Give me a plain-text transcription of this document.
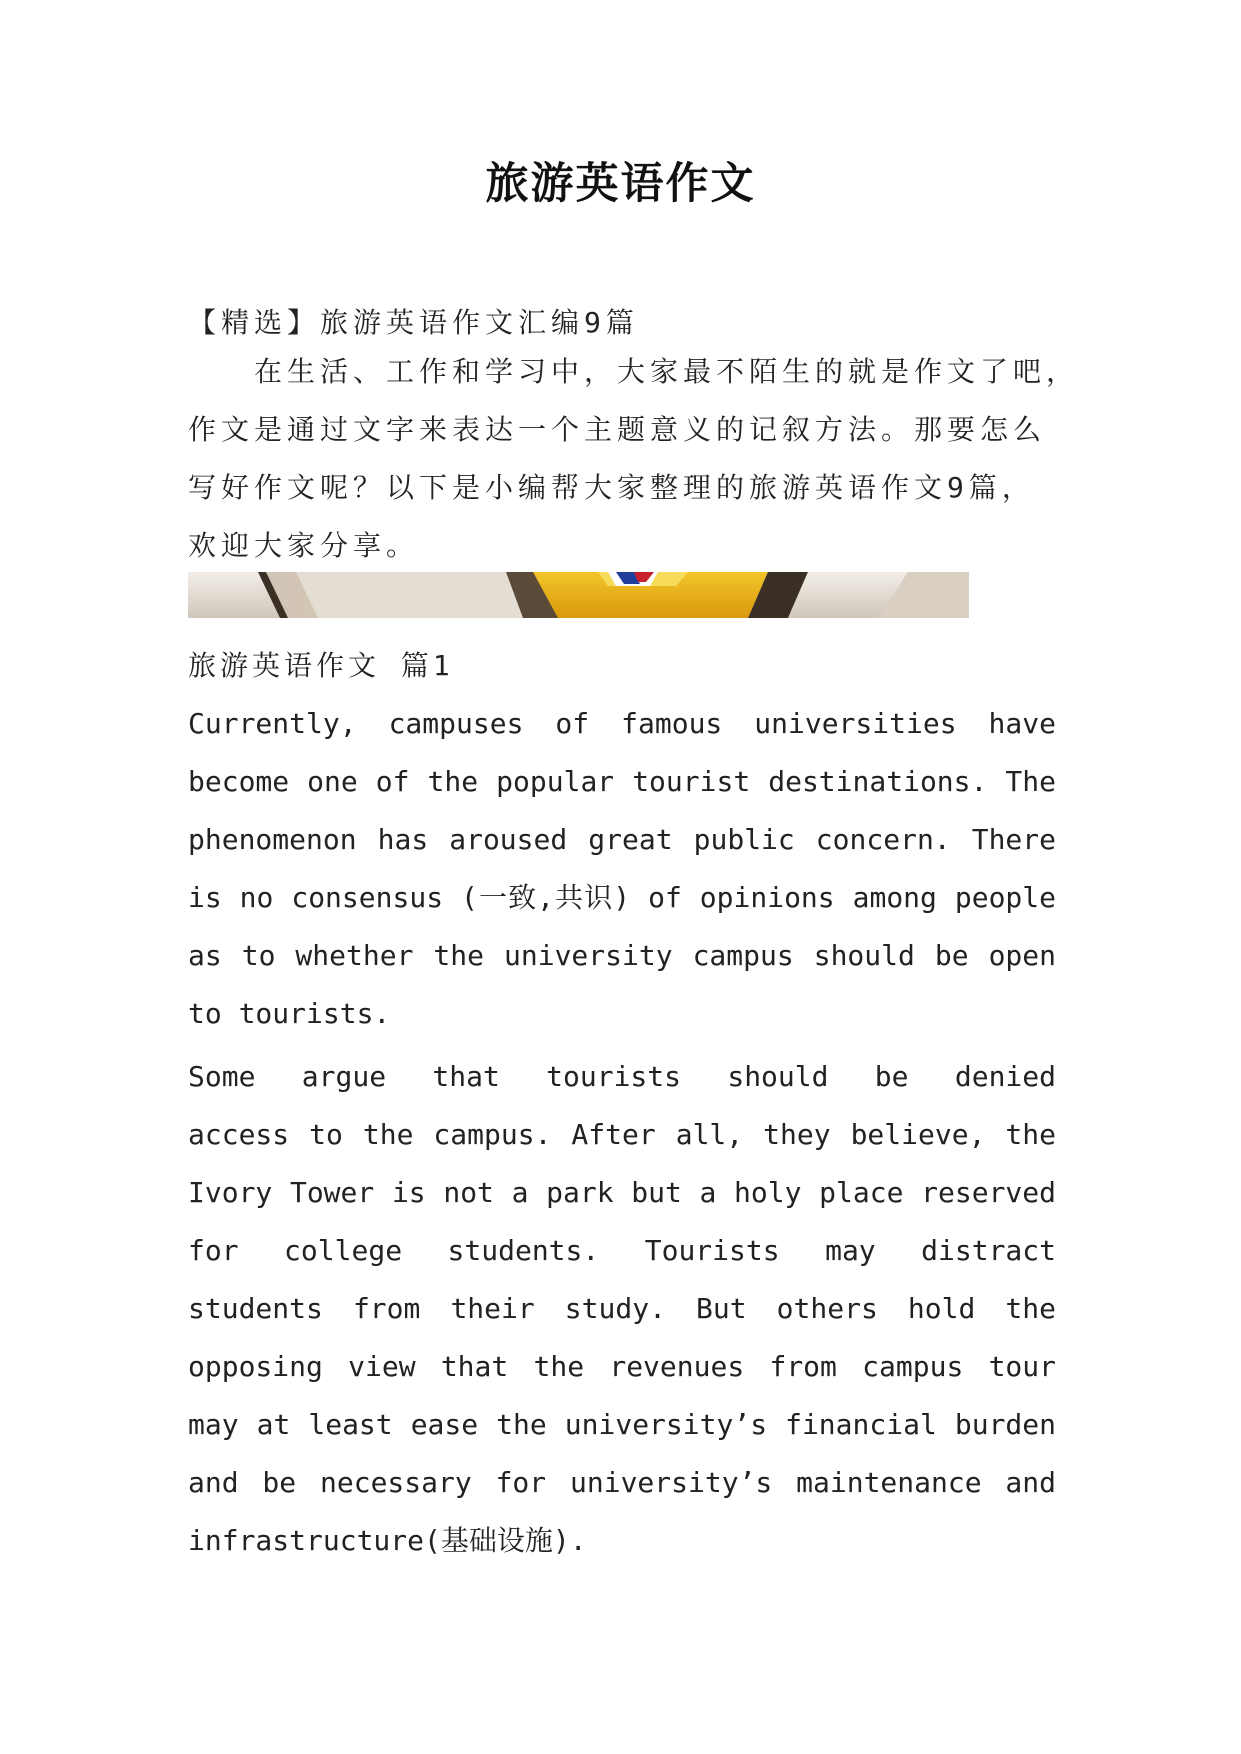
旅游英语作文

【精选】旅游英语作文汇编9篇

　　在生活、工作和学习中，大家最不陌生的就是作文了吧，
作文是通过文字来表达一个主题意义的记叙方法。那要怎么
写好作文呢？以下是小编帮大家整理的旅游英语作文9篇，
欢迎大家分享。

旅游英语作文 篇1

Currently, campuses of famous universities have
become one of the popular tourist destinations. The
phenomenon has aroused great public concern. There
is no consensus (一致,共识) of opinions among people
as to whether the university campus should be open
to tourists.
Some argue that tourists should be denied
access to the campus. After all, they believe, the
Ivory Tower is not a park but a holy place reserved
for college students. Tourists may distract
students from their study. But others hold the
opposing view that the revenues from campus tour
may at least ease the university’s financial burden
and be necessary for university’s maintenance and
infrastructure(基础设施).
